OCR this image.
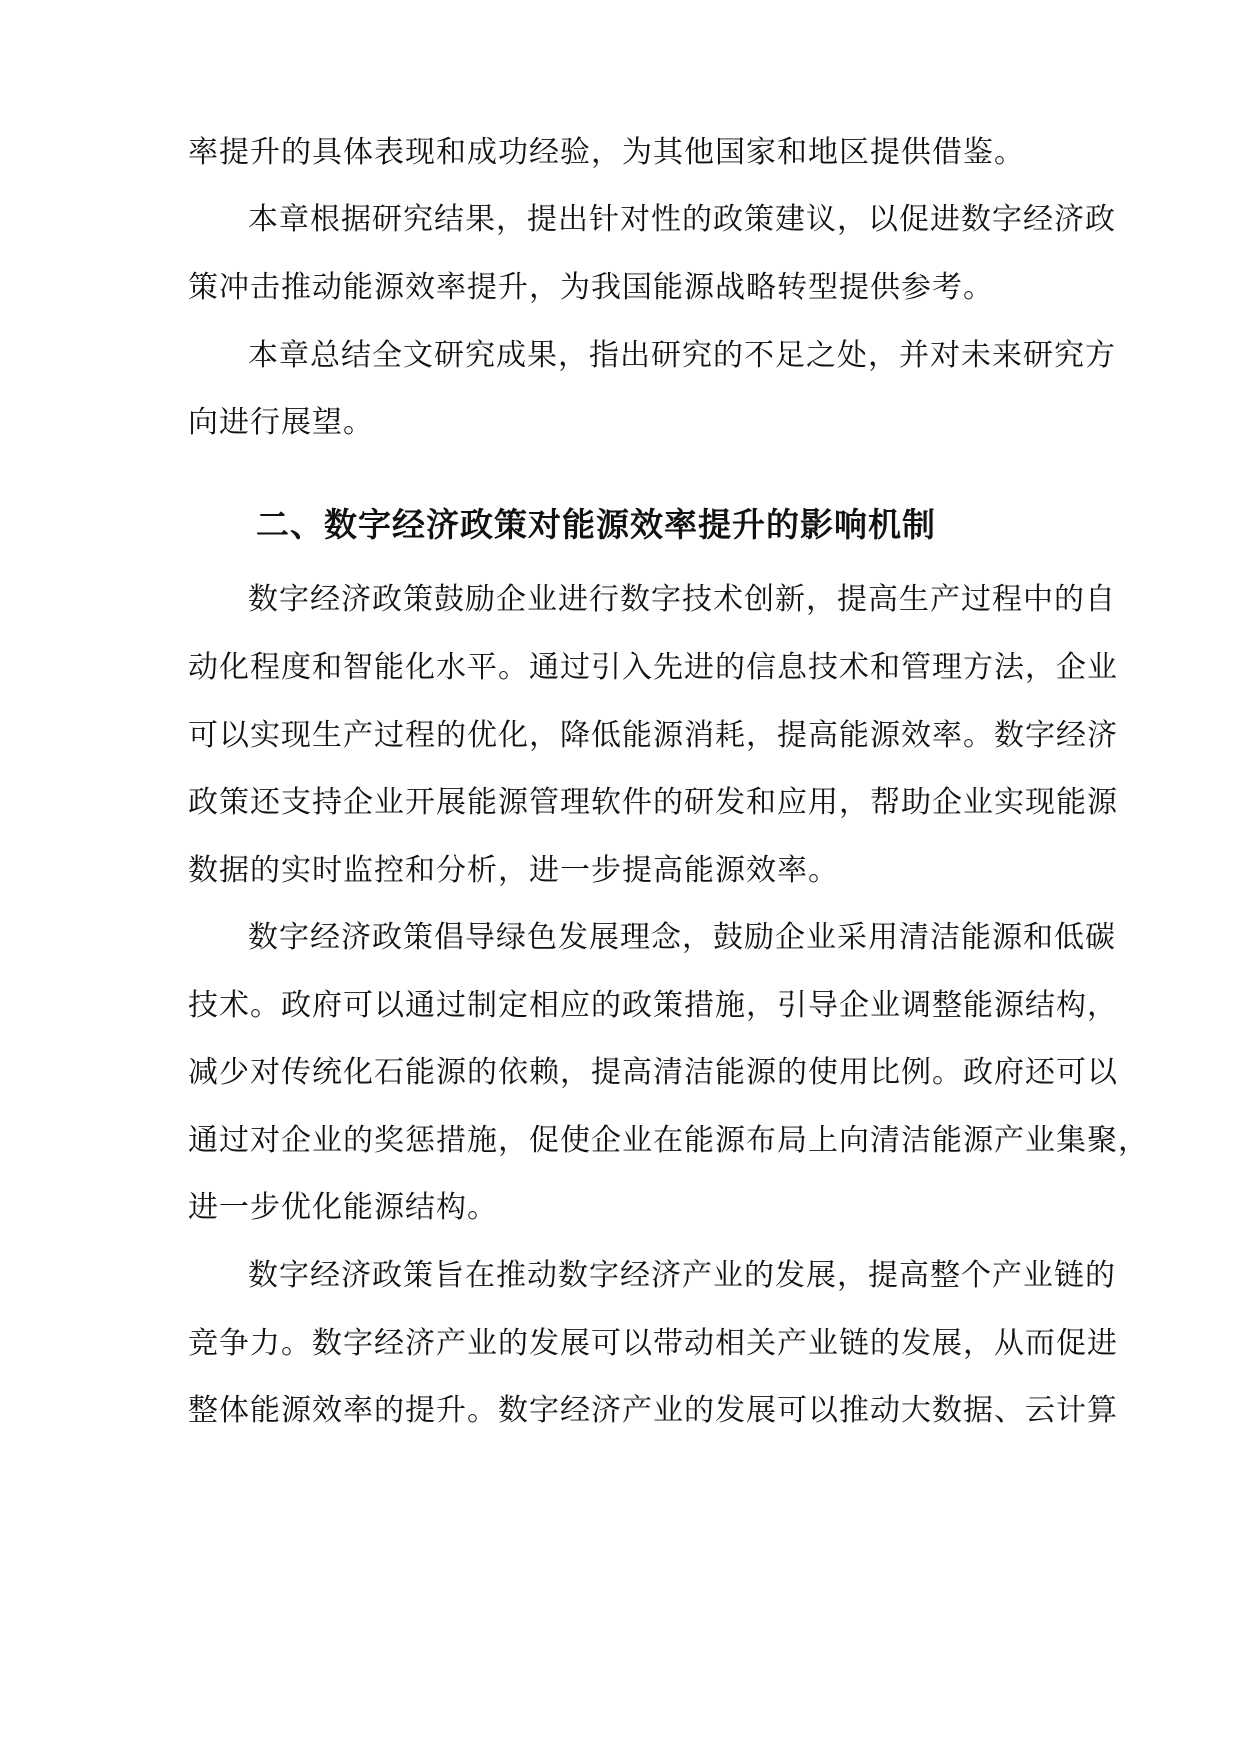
率提升的具体表现和成功经验，为其他国家和地区提供借鉴。
本章根据研究结果，提出针对性的政策建议，以促进数字经济政
策冲击推动能源效率提升，为我国能源战略转型提供参考。
本章总结全文研究成果，指出研究的不足之处，并对未来研究方
向进行展望。
二、数字经济政策对能源效率提升的影响机制
数字经济政策鼓励企业进行数字技术创新，提高生产过程中的自
动化程度和智能化水平。通过引入先进的信息技术和管理方法，企业
可以实现生产过程的优化，降低能源消耗，提高能源效率。数字经济
政策还支持企业开展能源管理软件的研发和应用，帮助企业实现能源
数据的实时监控和分析，进一步提高能源效率。
数字经济政策倡导绿色发展理念，鼓励企业采用清洁能源和低碳
技术。政府可以通过制定相应的政策措施，引导企业调整能源结构，
减少对传统化石能源的依赖，提高清洁能源的使用比例。政府还可以
通过对企业的奖惩措施，促使企业在能源布局上向清洁能源产业集聚，
进一步优化能源结构。
数字经济政策旨在推动数字经济产业的发展，提高整个产业链的
竞争力。数字经济产业的发展可以带动相关产业链的发展，从而促进
整体能源效率的提升。数字经济产业的发展可以推动大数据、云计算
